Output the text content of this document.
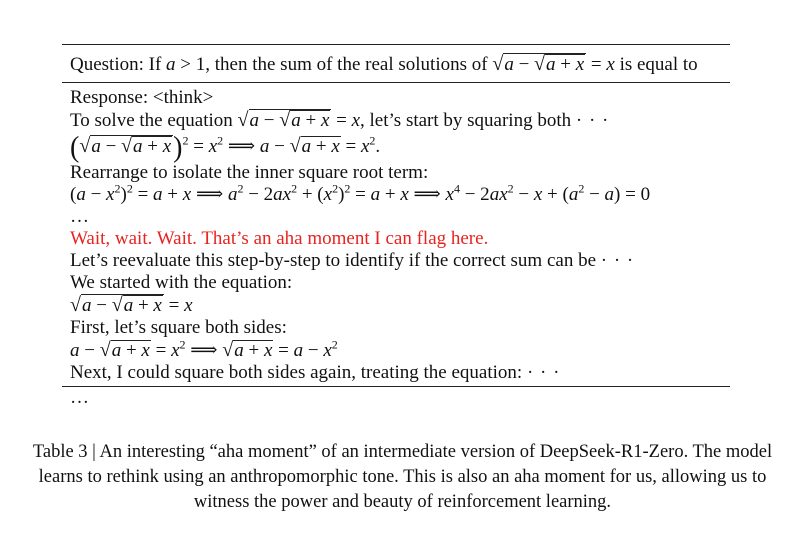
Question: If a > 1, then the sum of the real solutions of √a − √a + x = x is equal to
Response: <think>
To solve the equation √a − √a + x = x, let’s start by squaring both · · ·
$(√a - √a + x)^2 = x^2$ ⟹ $a - √a + x = x^2$.
Rearrange to isolate the inner square root term:
$(a - x^2)^2 = a + x$ ⟹ $a^2 - 2ax^2 + (x^2)^2 = a + x$ ⟹ $x^4 - 2ax^2 - x + (a^2 - a) = 0$
…
Wait, wait. Wait. That’s an aha moment I can flag here.
Let’s reevaluate this step-by-step to identify if the correct sum can be · · ·
We started with the equation:
√a − √a + x = x
First, let’s square both sides:
$a - √a + x = x^2$ ⟹ $√a + x = a - x^2$
Next, I could square both sides again, treating the equation: · · ·
…
Table 3 | An interesting “aha moment” of an intermediate version of DeepSeek-R1-Zero. The model learns to rethink using an anthropomorphic tone. This is also an aha moment for us, allowing us to witness the power and beauty of reinforcement learning.
